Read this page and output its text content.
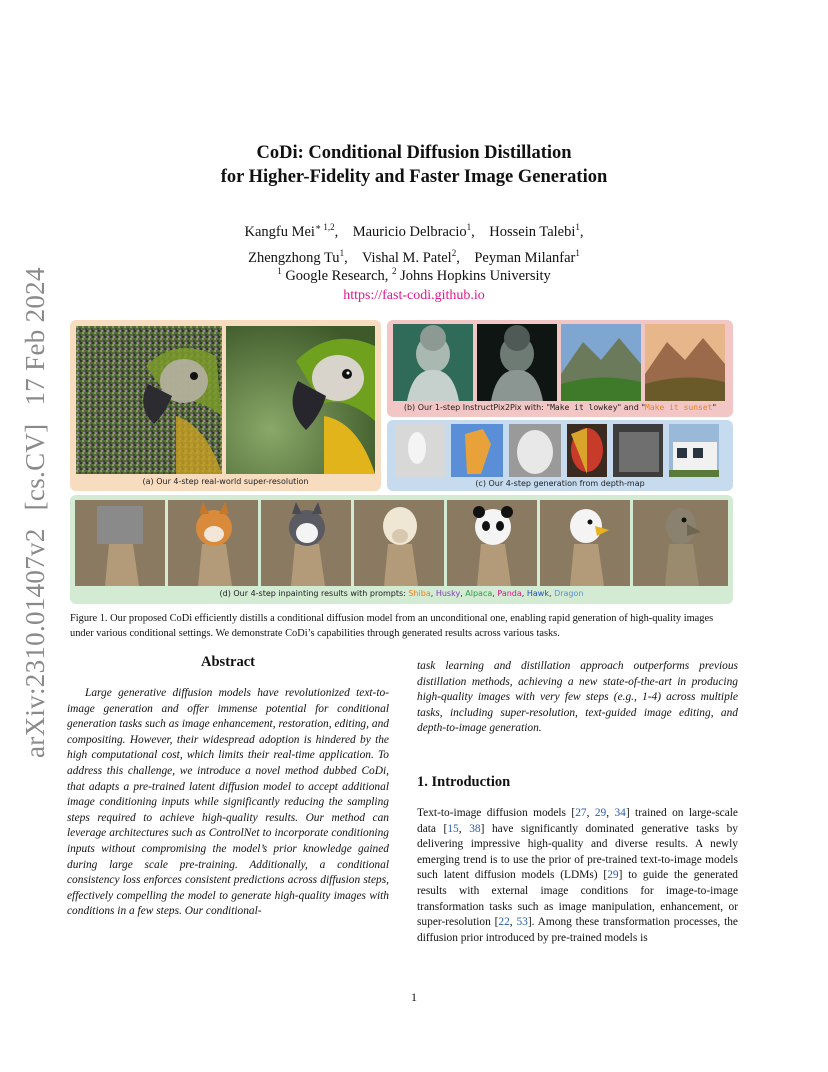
arXiv:2310.01407v2[cs.CV]17 Feb 2024
CoDi: Conditional Diffusion Distillation
for Higher-Fidelity and Faster Image Generation
Kangfu Mei$^{∗ 1,2}$,    Mauricio Delbracio$^1$,    Hossein Talebi$^1$,
Zhengzhong Tu$^1$,    Vishal M. Patel$^2$,    Peyman Milanfar$^1$
$^1$ Google Research, $^2$ Johns Hopkins University
https://fast-codi.github.io
(a) Our 4-step real-world super-resolution
(b) Our 1-step InstructPix2Pix with: "Make it lowkey" and "Make it sunset"
(c) Our 4-step generation from depth-map
(d) Our 4-step inpainting results with prompts: Shiba, Husky, Alpaca, Panda, Hawk, Dragon
Figure 1. Our proposed CoDi efficiently distills a conditional diffusion model from an unconditional one, enabling rapid generation of high-quality images under various conditional settings. We demonstrate CoDi’s capabilities through generated results across various tasks.
Abstract
Large generative diffusion models have revolutionized text-to-image generation and offer immense potential for conditional generation tasks such as image enhancement, restoration, editing, and compositing. However, their widespread adoption is hindered by the high computational cost, which limits their real-time application. To address this challenge, we introduce a novel method dubbed CoDi, that adapts a pre-trained latent diffusion model to accept additional image conditioning inputs while significantly reducing the sampling steps required to achieve high-quality results. Our method can leverage architectures such as ControlNet to incorporate conditioning inputs without compromising the model’s prior knowledge gained during large scale pre-training. Additionally, a conditional consistency loss enforces consistent predictions across diffusion steps, effectively compelling the model to generate high-quality images with conditions in a few steps. Our conditional-
task learning and distillation approach outperforms previous distillation methods, achieving a new state-of-the-art in producing high-quality images with very few steps (e.g., 1-4) across multiple tasks, including super-resolution, text-guided image editing, and depth-to-image generation.
1. Introduction
Text-to-image diffusion models [27, 29, 34] trained on large-scale data [15, 38] have significantly dominated generative tasks by delivering impressive high-quality and diverse results. A newly emerging trend is to use the prior of pre-trained text-to-image models such latent diffusion models (LDMs) [29] to guide the generated results with external image conditions for image-to-image transformation tasks such as image manipulation, enhancement, or super-resolution [22, 53]. Among these transformation processes, the diffusion prior introduced by pre-trained models is
1
